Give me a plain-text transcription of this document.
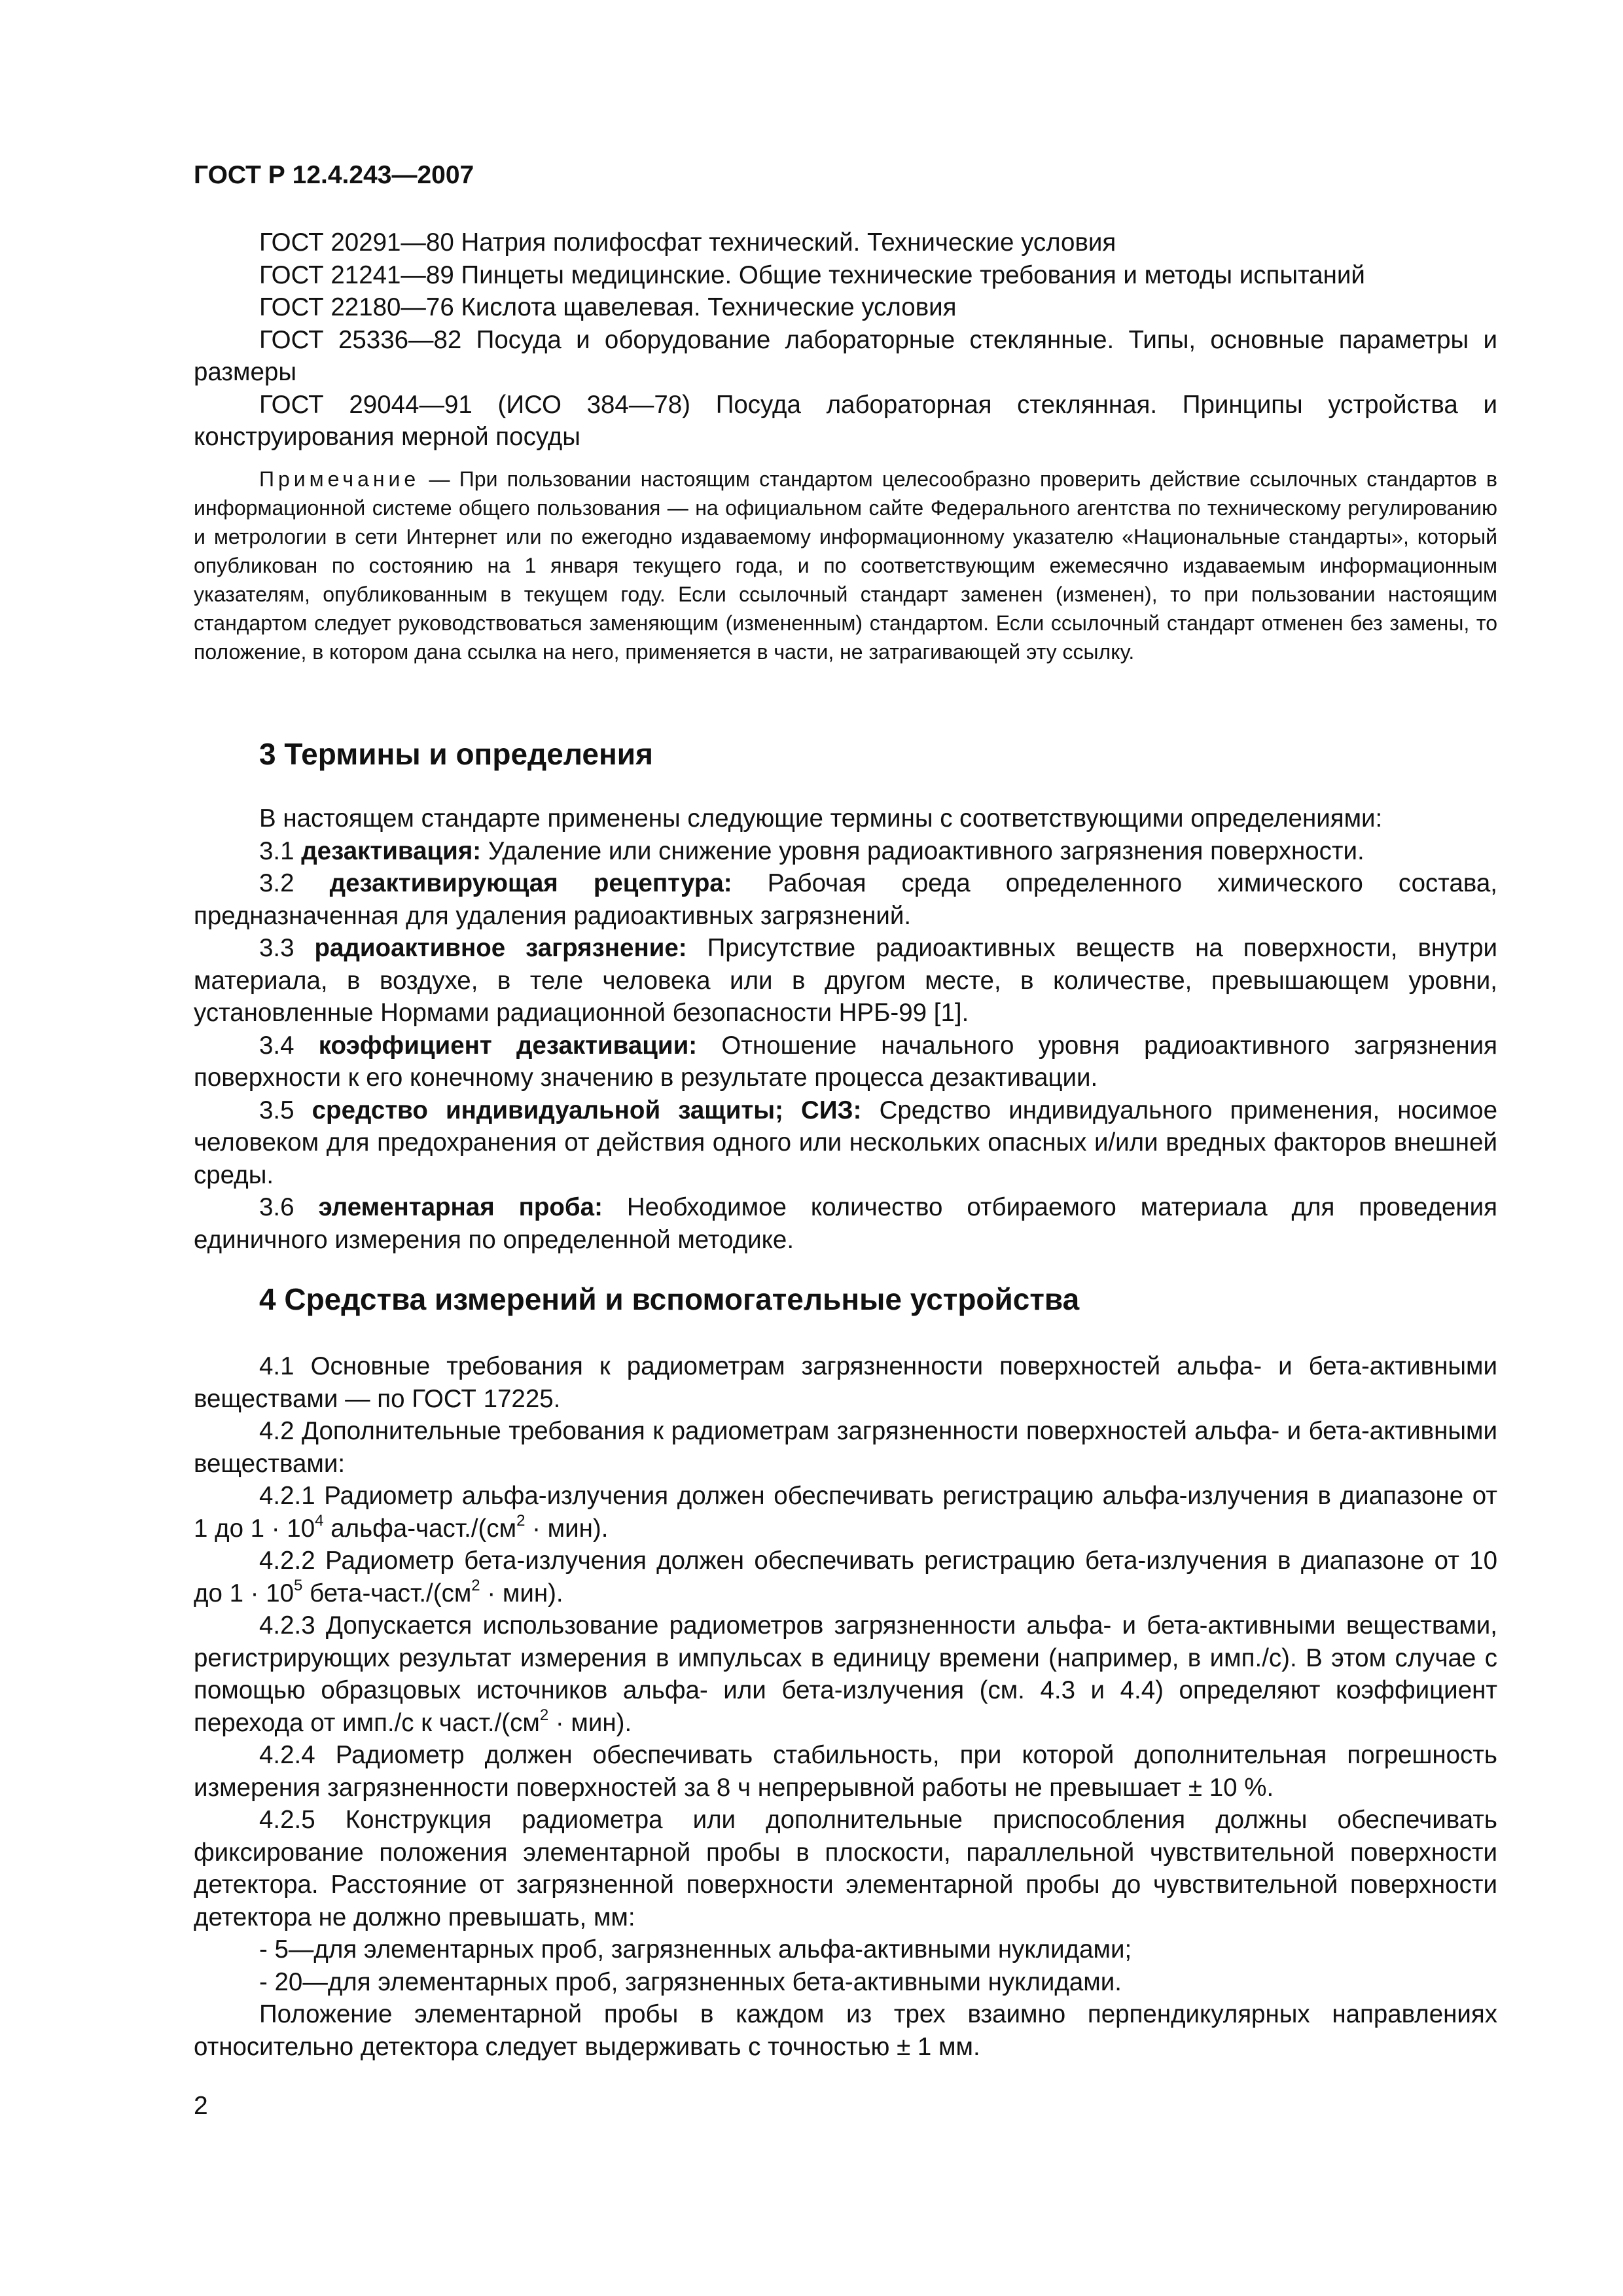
ГОСТ Р 12.4.243—2007
ГОСТ 20291—80 Натрия полифосфат технический. Технические условия
ГОСТ 21241—89 Пинцеты медицинские. Общие технические требования и методы испытаний
ГОСТ 22180—76 Кислота щавелевая. Технические условия
ГОСТ 25336—82 Посуда и оборудование лабораторные стеклянные. Типы, основные параметры и размеры
ГОСТ 29044—91 (ИСО 384—78) Посуда лабораторная стеклянная. Принципы устройства и конструирования мерной посуды
Примечание — При пользовании настоящим стандартом целесообразно проверить действие ссылочных стандартов в информационной системе общего пользования — на официальном сайте Федерального агентства по техническому регулированию и метрологии в сети Интернет или по ежегодно издаваемому информационному указателю «Национальные стандарты», который опубликован по состоянию на 1 января текущего года, и по соответствующим ежемесячно издаваемым информационным указателям, опубликованным в текущем году. Если ссылочный стандарт заменен (изменен), то при пользовании настоящим стандартом следует руководствоваться заменяющим (измененным) стандартом. Если ссылочный стандарт отменен без замены, то положение, в котором дана ссылка на него, применяется в части, не затрагивающей эту ссылку.
3 Термины и определения
В настоящем стандарте применены следующие термины с соответствующими определениями:
3.1 дезактивация: Удаление или снижение уровня радиоактивного загрязнения поверхности.
3.2 дезактивирующая рецептура: Рабочая среда определенного химического состава, предназначенная для удаления радиоактивных загрязнений.
3.3 радиоактивное загрязнение: Присутствие радиоактивных веществ на поверхности, внутри материала, в воздухе, в теле человека или в другом месте, в количестве, превышающем уровни, установленные Нормами радиационной безопасности НРБ-99 [1].
3.4 коэффициент дезактивации: Отношение начального уровня радиоактивного загрязнения поверхности к его конечному значению в результате процесса дезактивации.
3.5 средство индивидуальной защиты; СИЗ: Средство индивидуального применения, носимое человеком для предохранения от действия одного или нескольких опасных и/или вредных факторов внешней среды.
3.6 элементарная проба: Необходимое количество отбираемого материала для проведения единичного измерения по определенной методике.
4 Средства измерений и вспомогательные устройства
4.1 Основные требования к радиометрам загрязненности поверхностей альфа- и бета-активными веществами — по ГОСТ 17225.
4.2 Дополнительные требования к радиометрам загрязненности поверхностей альфа- и бета-активными веществами:
4.2.1 Радиометр альфа-излучения должен обеспечивать регистрацию альфа-излучения в диапазоне от 1 до $1 \cdot 10^4$ альфа-$част./(см^2 \cdot мин)$.
4.2.2 Радиометр бета-излучения должен обеспечивать регистрацию бета-излучения в диапазоне от 10 до $1 \cdot 10^5$ бета-$част./(см^2 \cdot мин)$.
4.2.3 Допускается использование радиометров загрязненности альфа- и бета-активными веществами, регистрирующих результат измерения в импульсах в единицу времени (например, в имп./с). В этом случае с помощью образцовых источников альфа- или бета-излучения (см. 4.3 и 4.4) определяют коэффициент перехода от имп./с к $част./(см^2 \cdot мин)$.
4.2.4 Радиометр должен обеспечивать стабильность, при которой дополнительная погрешность измерения загрязненности поверхностей за 8 ч непрерывной работы не превышает ± 10 %.
4.2.5 Конструкция радиометра или дополнительные приспособления должны обеспечивать фиксирование положения элементарной пробы в плоскости, параллельной чувствительной поверхности детектора. Расстояние от загрязненной поверхности элементарной пробы до чувствительной поверхности детектора не должно превышать, мм:
- 5—для элементарных проб, загрязненных альфа-активными нуклидами;
- 20—для элементарных проб, загрязненных бета-активными нуклидами.
Положение элементарной пробы в каждом из трех взаимно перпендикулярных направлениях относительно детектора следует выдерживать с точностью ± 1 мм.
2
